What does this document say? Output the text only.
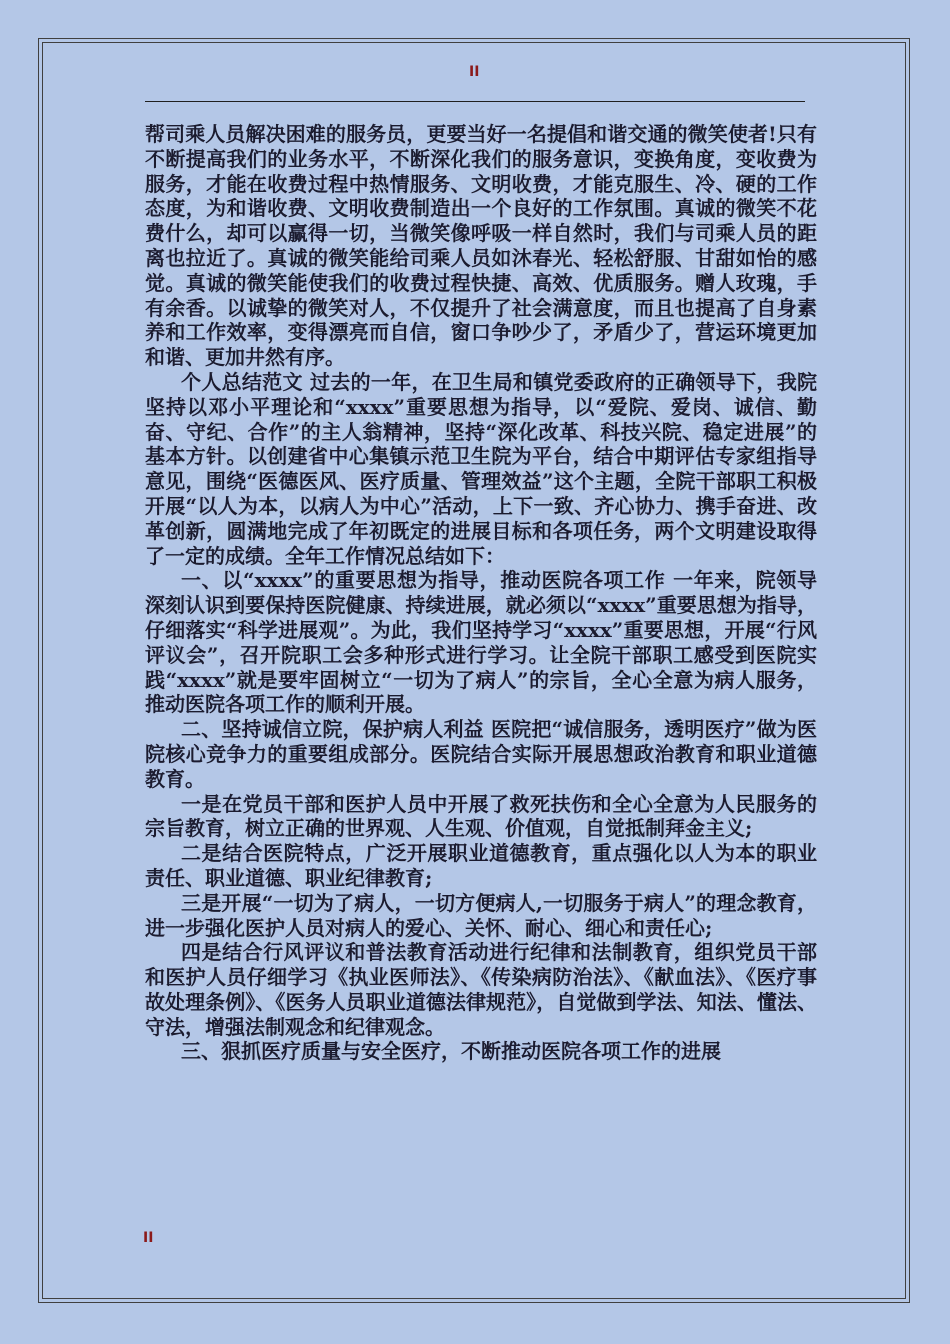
II

帮司乘人员解决困难的服务员，更要当好一名提倡和谐交通的微笑使者!只有不断提高我们的业务水平，不断深化我们的服务意识，变换角度，变收费为服务，才能在收费过程中热情服务、文明收费，才能克服生、冷、硬的工作态度，为和谐收费、文明收费制造出一个良好的工作氛围。真诚的微笑不花费什么，却可以赢得一切，当微笑像呼吸一样自然时，我们与司乘人员的距离也拉近了。真诚的微笑能给司乘人员如沐春光、轻松舒服、甘甜如怡的感觉。真诚的微笑能使我们的收费过程快捷、高效、优质服务。赠人玫瑰，手有余香。以诚挚的微笑对人，不仅提升了社会满意度，而且也提高了自身素养和工作效率，变得漂亮而自信，窗口争吵少了，矛盾少了，营运环境更加和谐、更加井然有序。

个人总结范文 过去的一年，在卫生局和镇党委政府的正确领导下，我院坚持以邓小平理论和“xxxx”重要思想为指导，以“爱院、爱岗、诚信、勤奋、守纪、合作”的主人翁精神，坚持“深化改革、科技兴院、稳定进展”的基本方针。以创建省中心集镇示范卫生院为平台，结合中期评估专家组指导意见，围绕“医德医风、医疗质量、管理效益”这个主题，全院干部职工积极开展“以人为本，以病人为中心”活动，上下一致、齐心协力、携手奋进、改革创新，圆满地完成了年初既定的进展目标和各项任务，两个文明建设取得了一定的成绩。全年工作情况总结如下：

一、以“xxxx”的重要思想为指导，推动医院各项工作 一年来，院领导深刻认识到要保持医院健康、持续进展，就必须以“xxxx”重要思想为指导，仔细落实“科学进展观”。为此，我们坚持学习“xxxx”重要思想，开展“行风评议会”，召开院职工会多种形式进行学习。让全院干部职工感受到医院实践“xxxx”就是要牢固树立“一切为了病人”的宗旨，全心全意为病人服务，推动医院各项工作的顺利开展。

二、坚持诚信立院，保护病人利益 医院把“诚信服务，透明医疗”做为医院核心竞争力的重要组成部分。医院结合实际开展思想政治教育和职业道德教育。

一是在党员干部和医护人员中开展了救死扶伤和全心全意为人民服务的宗旨教育，树立正确的世界观、人生观、价值观，自觉抵制拜金主义;

二是结合医院特点，广泛开展职业道德教育，重点强化以人为本的职业责任、职业道德、职业纪律教育;

三是开展“一切为了病人，一切方便病人,一切服务于病人”的理念教育，进一步强化医护人员对病人的爱心、关怀、耐心、细心和责任心;

四是结合行风评议和普法教育活动进行纪律和法制教育，组织党员干部和医护人员仔细学习《执业医师法》、《传染病防治法》、《献血法》、《医疗事故处理条例》、《医务人员职业道德法律规范》，自觉做到学法、知法、懂法、守法，增强法制观念和纪律观念。

三、狠抓医疗质量与安全医疗，不断推动医院各项工作的进展

II
